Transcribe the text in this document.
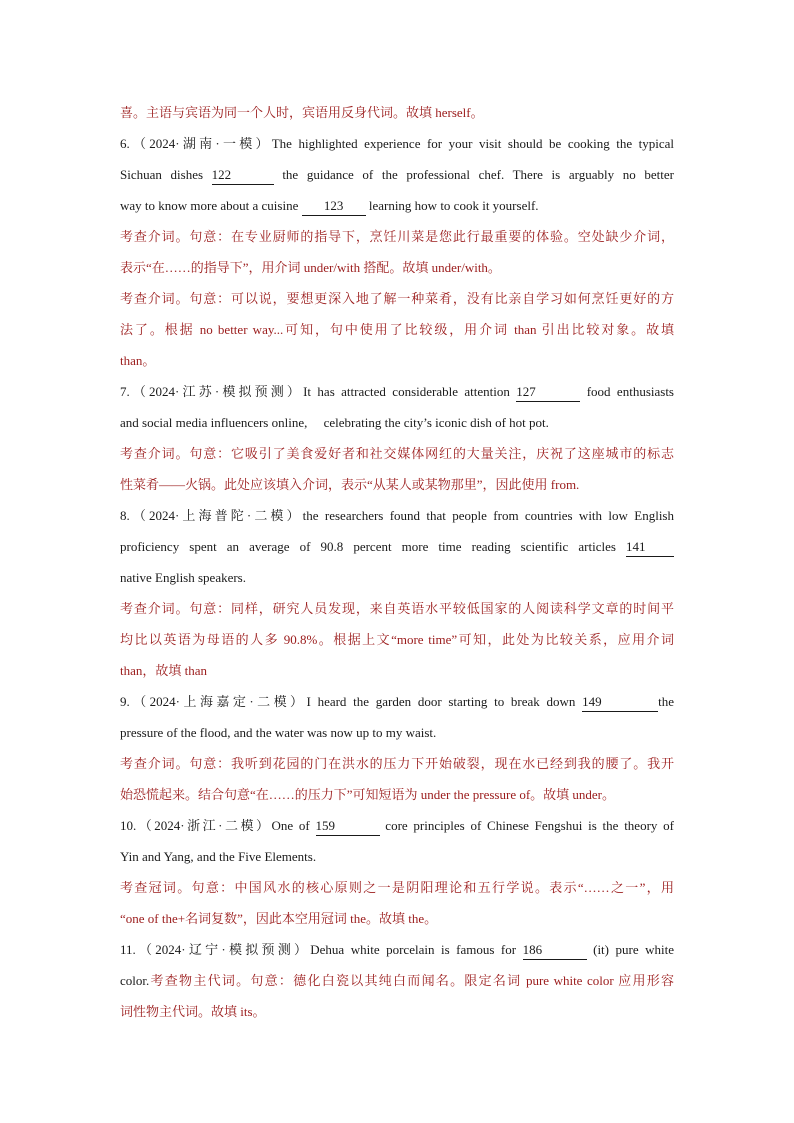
喜。主语与宾语为同一个人时，宾语用反身代词。故填 herself。
6.（2024·湖南·一模）The highlighted experience for your visit should be cooking the typical
Sichuan dishes 122	the guidance of the professional chef. There is arguably no better
way to know more about a cuisine 123 learning how to cook it yourself.
考查介词。句意：在专业厨师的指导下，烹饪川菜是您此行最重要的体验。空处缺少介词，
表示“在……的指导下”，用介词 under/with 搭配。故填 under/with。
考查介词。句意：可以说，要想更深入地了解一种菜肴，没有比亲自学习如何烹饪更好的方
法了。根据 no better way...可知，句中使用了比较级，用介词 than 引出比较对象。故填
than。
7.（2024·江苏·模拟预测）It has attracted considerable attention 127	food enthusiasts
and social media influencers online,     celebrating the city’s iconic dish of hot pot.
考查介词。句意：它吸引了美食爱好者和社交媒体网红的大量关注，庆祝了这座城市的标志
性菜肴——火锅。此处应该填入介词，表示“从某人或某物那里”，因此使用 from.
8.（2024·上海普陀·二模）the researchers found that people from countries with low English
proficiency spent an average of 90.8 percent more time reading scientific articles 141
native English speakers.
考查介词。句意：同样，研究人员发现，来自英语水平较低国家的人阅读科学文章的时间平
均比以英语为母语的人多 90.8%。根据上文“more time”可知，此处为比较关系，应用介词
than，故填 than
9.（2024·上海嘉定·二模）I heard the garden door starting to break down 149	the
pressure of the flood, and the water was now up to my waist.
考查介词。句意：我听到花园的门在洪水的压力下开始破裂，现在水已经到我的腰了。我开
始恐慌起来。结合句意“在……的压力下”可知短语为 under the pressure of。故填 under。
10.（2024·浙江·二模）One of 159	core principles of Chinese Fengshui is the theory of
Yin and Yang, and the Five Elements.
考查冠词。句意：中国风水的核心原则之一是阴阳理论和五行学说。表示“……之一”，用
“one of the+名词复数”，因此本空用冠词 the。故填 the。
11.（2024·辽宁·模拟预测）Dehua white porcelain is famous for 186	(it) pure white
color.考查物主代词。句意：德化白瓷以其纯白而闻名。限定名词 pure white color 应用形容
词性物主代词。故填 its。
